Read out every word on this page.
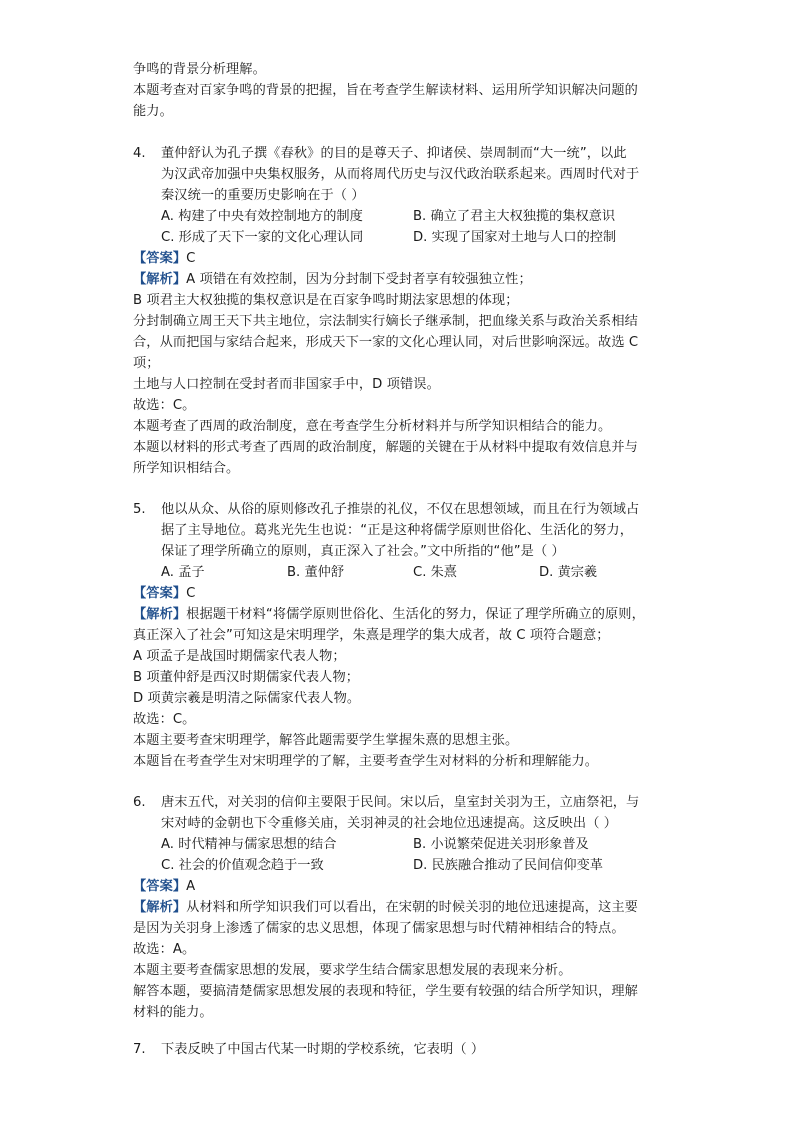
争鸣的背景分析理解。
本题考查对百家争鸣的背景的把握，旨在考查学生解读材料、运用所学知识解决问题的
能力。
4. 董仲舒认为孔子撰《春秋》的目的是尊天子、抑诸侯、崇周制而“大一统”，以此
为汉武帝加强中央集权服务，从而将周代历史与汉代政治联系起来。西周时代对于
秦汉统一的重要历史影响在于（ ）
A. 构建了中央有效控制地方的制度	B. 确立了君主大权独揽的集权意识
C. 形成了天下一家的文化心理认同	D. 实现了国家对土地与人口的控制
【答案】C
【解析】A 项错在有效控制，因为分封制下受封者享有较强独立性；
B 项君主大权独揽的集权意识是在百家争鸣时期法家思想的体现；
分封制确立周王天下共主地位，宗法制实行嫡长子继承制，把血缘关系与政治关系相结
合，从而把国与家结合起来，形成天下一家的文化心理认同，对后世影响深远。故选 C
项；
土地与人口控制在受封者而非国家手中，D 项错误。
故选：C。
本题考查了西周的政治制度，意在考查学生分析材料并与所学知识相结合的能力。
本题以材料的形式考查了西周的政治制度，解题的关键在于从材料中提取有效信息并与
所学知识相结合。
5. 他以从众、从俗的原则修改孔子推崇的礼仪，不仅在思想领域，而且在行为领域占
据了主导地位。葛兆光先生也说：“正是这种将儒学原则世俗化、生活化的努力，
保证了理学所确立的原则，真正深入了社会。”文中所指的“他”是（ ）
A. 孟子	B. 董仲舒	C. 朱熹	D. 黄宗羲
【答案】C
【解析】根据题干材料“将儒学原则世俗化、生活化的努力，保证了理学所确立的原则，
真正深入了社会”可知这是宋明理学，朱熹是理学的集大成者，故 C 项符合题意；
A 项孟子是战国时期儒家代表人物；
B 项董仲舒是西汉时期儒家代表人物；
D 项黄宗羲是明清之际儒家代表人物。
故选：C。
本题主要考查宋明理学，解答此题需要学生掌握朱熹的思想主张。
本题旨在考查学生对宋明理学的了解，主要考查学生对材料的分析和理解能力。
6. 唐末五代，对关羽的信仰主要限于民间。宋以后，皇室封关羽为王，立庙祭祀，与
宋对峙的金朝也下令重修关庙，关羽神灵的社会地位迅速提高。这反映出（ ）
A. 时代精神与儒家思想的结合	B. 小说繁荣促进关羽形象普及
C. 社会的价值观念趋于一致	D. 民族融合推动了民间信仰变革
【答案】A
【解析】从材料和所学知识我们可以看出，在宋朝的时候关羽的地位迅速提高，这主要
是因为关羽身上渗透了儒家的忠义思想，体现了儒家思想与时代精神相结合的特点。
故选：A。
本题主要考查儒家思想的发展，要求学生结合儒家思想发展的表现来分析。
解答本题，要搞清楚儒家思想发展的表现和特征，学生要有较强的结合所学知识，理解
材料的能力。
7. 下表反映了中国古代某一时期的学校系统，它表明（ ）
